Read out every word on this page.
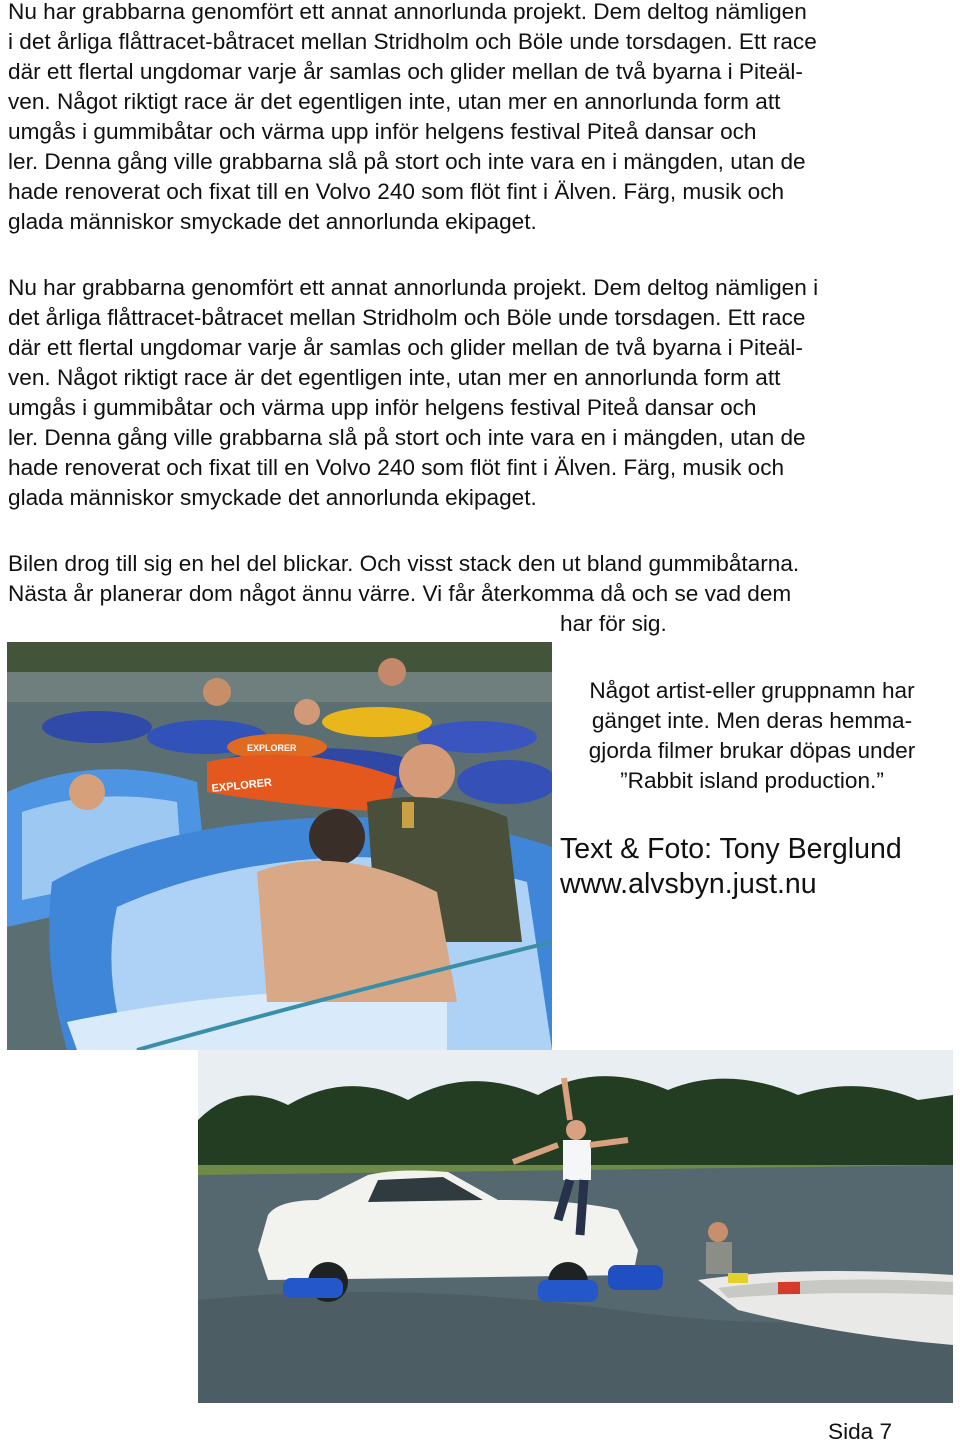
Nu har grabbarna genomfört ett annat annorlunda projekt. Dem deltog nämligen
i det årliga flåttracet-båtracet mellan Stridholm och Böle unde torsdagen. Ett race
där ett flertal ungdomar varje år samlas och glider mellan de två byarna i Piteäl-
ven. Något riktigt race är det egentligen inte, utan mer en annorlunda form att
umgås i gummibåtar och värma upp inför helgens festival Piteå dansar och
ler. Denna gång ville grabbarna slå på stort och inte vara en i mängden, utan de
hade renoverat och fixat till en Volvo 240 som flöt fint i Älven. Färg, musik och
glada människor smyckade det annorlunda ekipaget.

Nu har grabbarna genomfört ett annat annorlunda projekt. Dem deltog nämligen i
det årliga flåttracet-båtracet mellan Stridholm och Böle unde torsdagen. Ett race
där ett flertal ungdomar varje år samlas och glider mellan de två byarna i Piteäl-
ven. Något riktigt race är det egentligen inte, utan mer en annorlunda form att
umgås i gummibåtar och värma upp inför helgens festival Piteå dansar och
ler. Denna gång ville grabbarna slå på stort och inte vara en i mängden, utan de
hade renoverat och fixat till en Volvo 240 som flöt fint i Älven. Färg, musik och
glada människor smyckade det annorlunda ekipaget.

Bilen drog till sig en hel del blickar. Och visst stack den ut bland gummibåtarna.
Nästa år planerar dom något ännu värre. Vi får återkomma då och se vad dem
har för sig.

EXPLORER
EXPLORER
Något artist-eller gruppnamn har
gänget inte. Men deras hemma-
gjorda filmer brukar döpas under
”Rabbit island production.”
Text & Foto: Tony Berglund
www.alvsbyn.just.nu
Sida 7
